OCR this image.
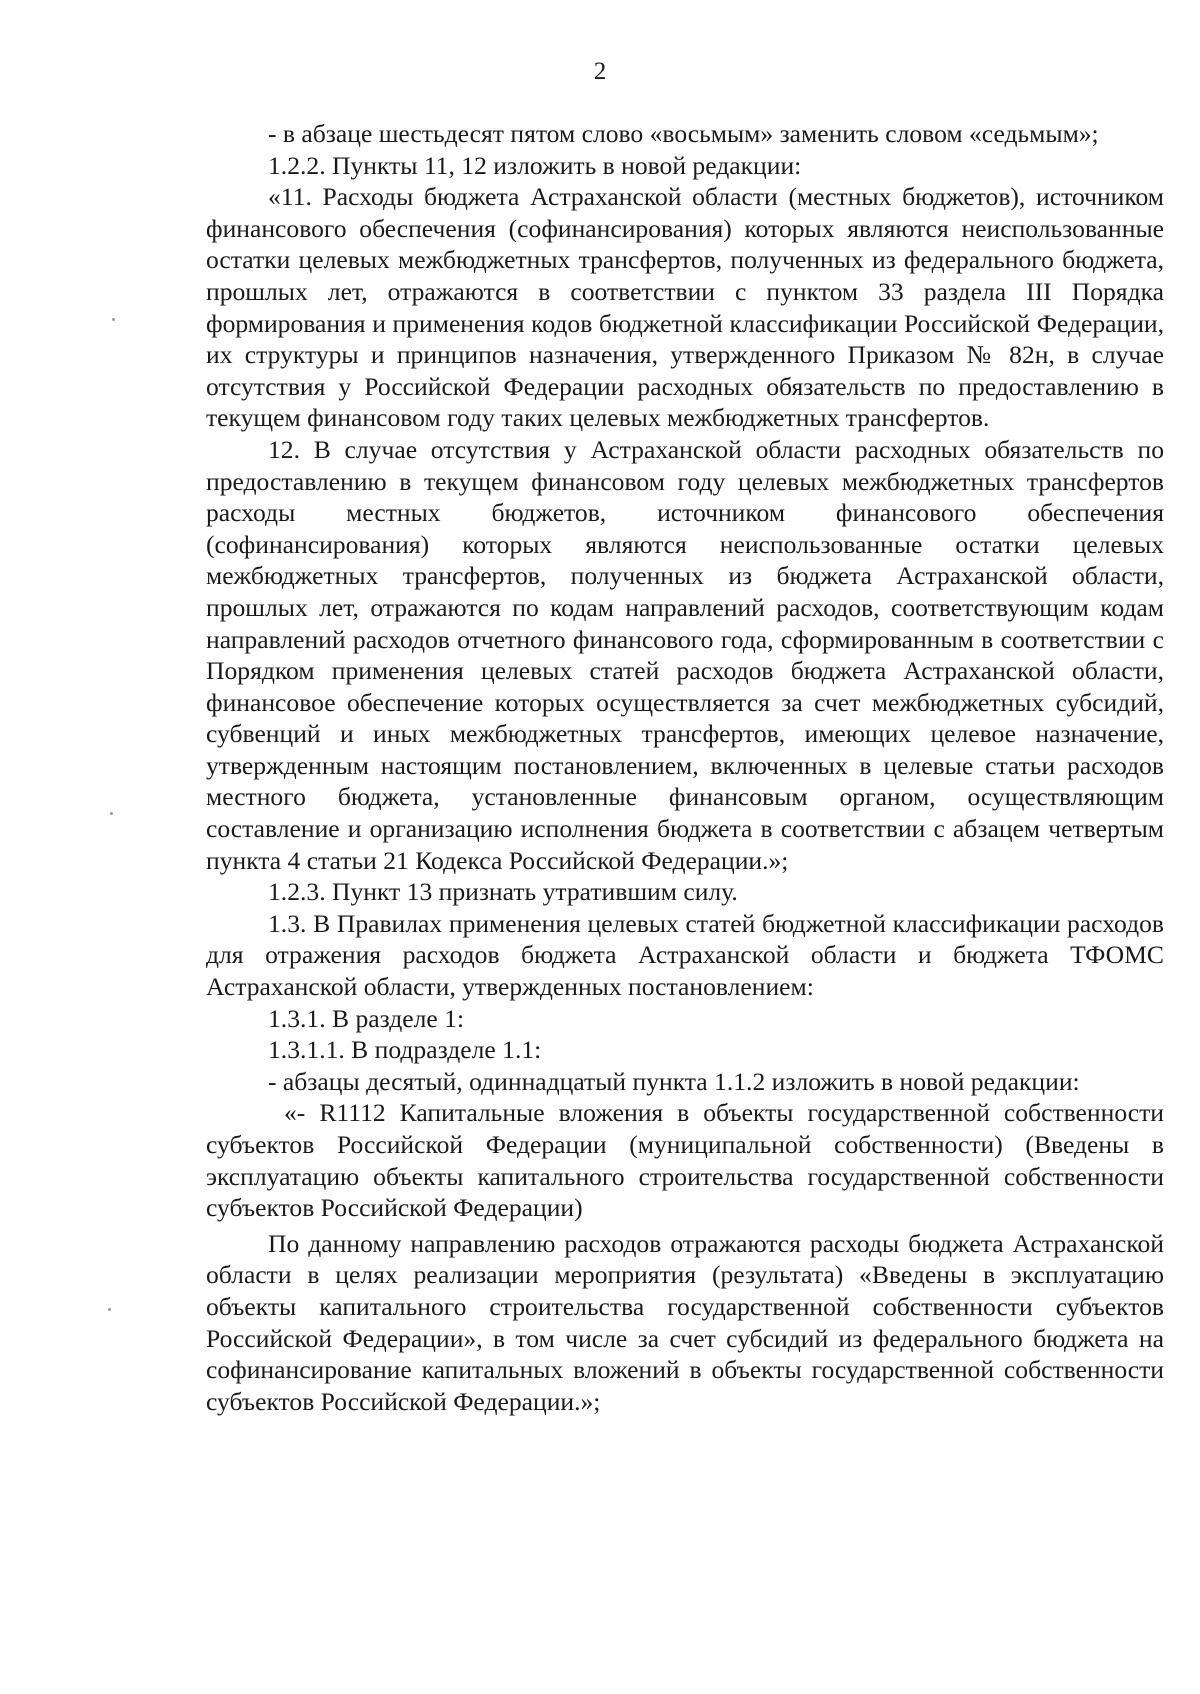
2

- в абзаце шестьдесят пятом слово «восьмым» заменить словом «седьмым»;

1.2.2. Пункты 11, 12 изложить в новой редакции:

«11. Расходы бюджета Астраханской области (местных бюджетов), источником финансового обеспечения (софинансирования) которых являются неиспользованные остатки целевых межбюджетных трансфертов, полученных из федерального бюджета, прошлых лет, отражаются в соответствии с пунктом 33 раздела III Порядка формирования и применения кодов бюджетной классификации Российской Федерации, их структуры и принципов назначения, утвержденного Приказом № 82н, в случае отсутствия у Российской Федерации расходных обязательств по предоставлению в текущем финансовом году таких целевых межбюджетных трансфертов.

12. В случае отсутствия у Астраханской области расходных обязательств по предоставлению в текущем финансовом году целевых межбюджетных трансфертов расходы местных бюджетов, источником финансового обеспечения (софинансирования) которых являются неиспользованные остатки целевых межбюджетных трансфертов, полученных из бюджета Астраханской области, прошлых лет, отражаются по кодам направлений расходов, соответствующим кодам направлений расходов отчетного финансового года, сформированным в соответствии с Порядком применения целевых статей расходов бюджета Астраханской области, финансовое обеспечение которых осуществляется за счет межбюджетных субсидий, субвенций и иных межбюджетных трансфертов, имеющих целевое назначение, утвержденным настоящим постановлением, включенных в целевые статьи расходов местного бюджета, установленные финансовым органом, осуществляющим составление и организацию исполнения бюджета в соответствии с абзацем четвертым пункта 4 статьи 21 Кодекса Российской Федерации.»;

1.2.3. Пункт 13 признать утратившим силу.

1.3. В Правилах применения целевых статей бюджетной классификации расходов для отражения расходов бюджета Астраханской области и бюджета ТФОМС Астраханской области, утвержденных постановлением:

1.3.1. В разделе 1:

1.3.1.1. В подразделе 1.1:

- абзацы десятый, одиннадцатый пункта 1.1.2 изложить в новой редакции:

«- R1112 Капитальные вложения в объекты государственной собственности субъектов Российской Федерации (муниципальной собственности) (Введены в эксплуатацию объекты капитального строительства государственной собственности субъектов Российской Федерации)

По данному направлению расходов отражаются расходы бюджета Астраханской области в целях реализации мероприятия (результата) «Введены в эксплуатацию объекты капитального строительства государственной собственности субъектов Российской Федерации», в том числе за счет субсидий из федерального бюджета на софинансирование капитальных вложений в объекты государственной собственности субъектов Российской Федерации.»;
